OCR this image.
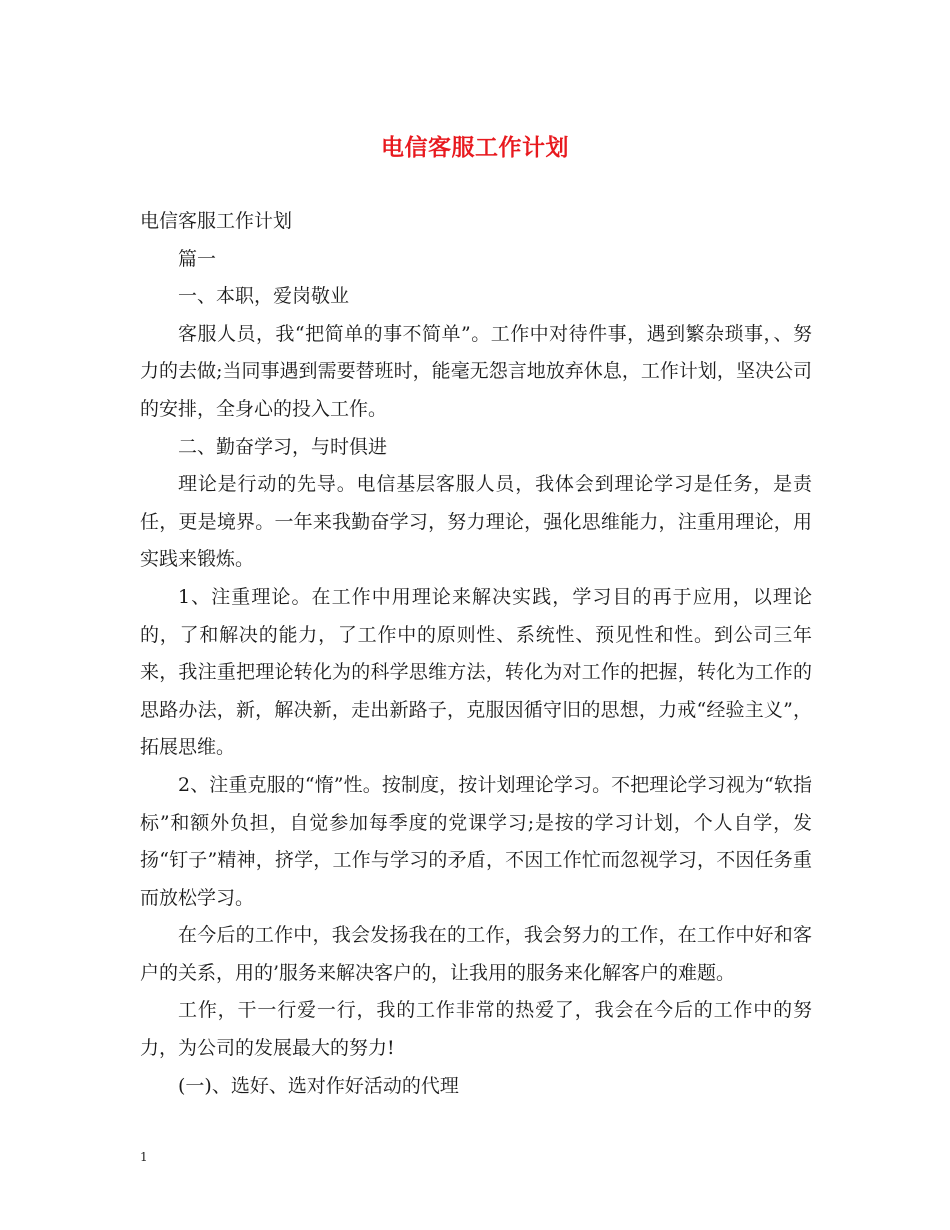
电信客服工作计划

电信客服工作计划

篇一

一、本职，爱岗敬业

客服人员，我“把简单的事不简单”。工作中对待件事，遇到繁杂琐事，、努力的去做;当同事遇到需要替班时，能毫无怨言地放弃休息，工作计划，坚决公司的安排，全身心的投入工作。

二、勤奋学习，与时俱进

理论是行动的先导。电信基层客服人员，我体会到理论学习是任务，是责任，更是境界。一年来我勤奋学习，努力理论，强化思维能力，注重用理论，用实践来锻炼。

1、注重理论。在工作中用理论来解决实践，学习目的再于应用，以理论的，了和解决的能力，了工作中的原则性、系统性、预见性和性。到公司三年来，我注重把理论转化为的科学思维方法，转化为对工作的把握，转化为工作的思路办法，新，解决新，走出新路子，克服因循守旧的思想，力戒“经验主义”，拓展思维。

2、注重克服的“惰”性。按制度，按计划理论学习。不把理论学习视为“软指标”和额外负担，自觉参加每季度的党课学习;是按的学习计划，个人自学，发扬“钉子”精神，挤学，工作与学习的矛盾，不因工作忙而忽视学习，不因任务重而放松学习。

在今后的工作中，我会发扬我在的工作，我会努力的工作，在工作中好和客户的关系，用的’服务来解决客户的，让我用的服务来化解客户的难题。

工作，干一行爱一行，我的工作非常的热爱了，我会在今后的工作中的努力，为公司的发展最大的努力!

(一)、选好、选对作好活动的代理

1
